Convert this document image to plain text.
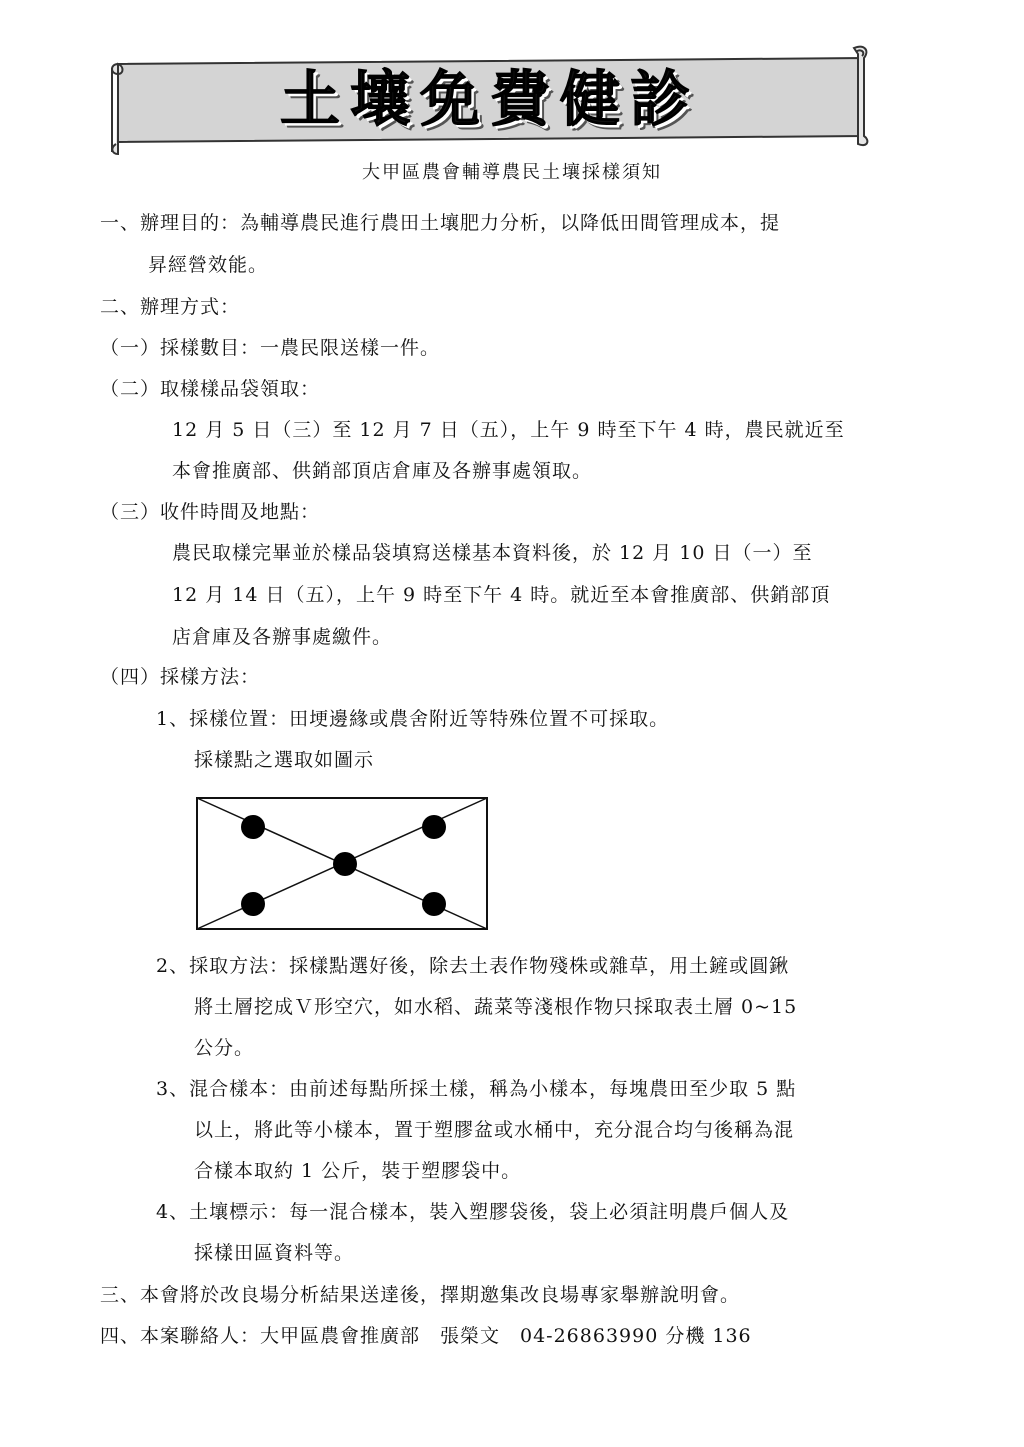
土壤免費健診
大甲區農會輔導農民土壤採樣須知
一、辦理目的：為輔導農民進行農田土壤肥力分析，以降低田間管理成本，提
昇經營效能。
二、辦理方式：
（一）採樣數目：一農民限送樣一件。
（二）取樣樣品袋領取：
12 月 5 日（三）至 12 月 7 日（五），上午 9 時至下午 4 時，農民就近至
本會推廣部、供銷部頂店倉庫及各辦事處領取。
（三）收件時間及地點：
農民取樣完畢並於樣品袋填寫送樣基本資料後，於 12 月 10 日（一）至
12 月 14 日（五），上午 9 時至下午 4 時。就近至本會推廣部、供銷部頂
店倉庫及各辦事處繳件。
（四）採樣方法：
1、採樣位置：田埂邊緣或農舍附近等特殊位置不可採取。
採樣點之選取如圖示
2、採取方法：採樣點選好後，除去土表作物殘株或雜草，用土鏟或圓鍬
將土層挖成Ｖ形空穴，如水稻、蔬菜等淺根作物只採取表土層 0~15
公分。
3、混合樣本：由前述每點所採土樣，稱為小樣本，每塊農田至少取 5 點
以上，將此等小樣本，置于塑膠盆或水桶中，充分混合均勻後稱為混
合樣本取約 1 公斤，裝于塑膠袋中。
4、土壤標示：每一混合樣本，裝入塑膠袋後，袋上必須註明農戶個人及
採樣田區資料等。
三、本會將於改良場分析結果送達後，擇期邀集改良場專家舉辦說明會。
四、本案聯絡人：大甲區農會推廣部　張榮文　04-26863990 分機 136
